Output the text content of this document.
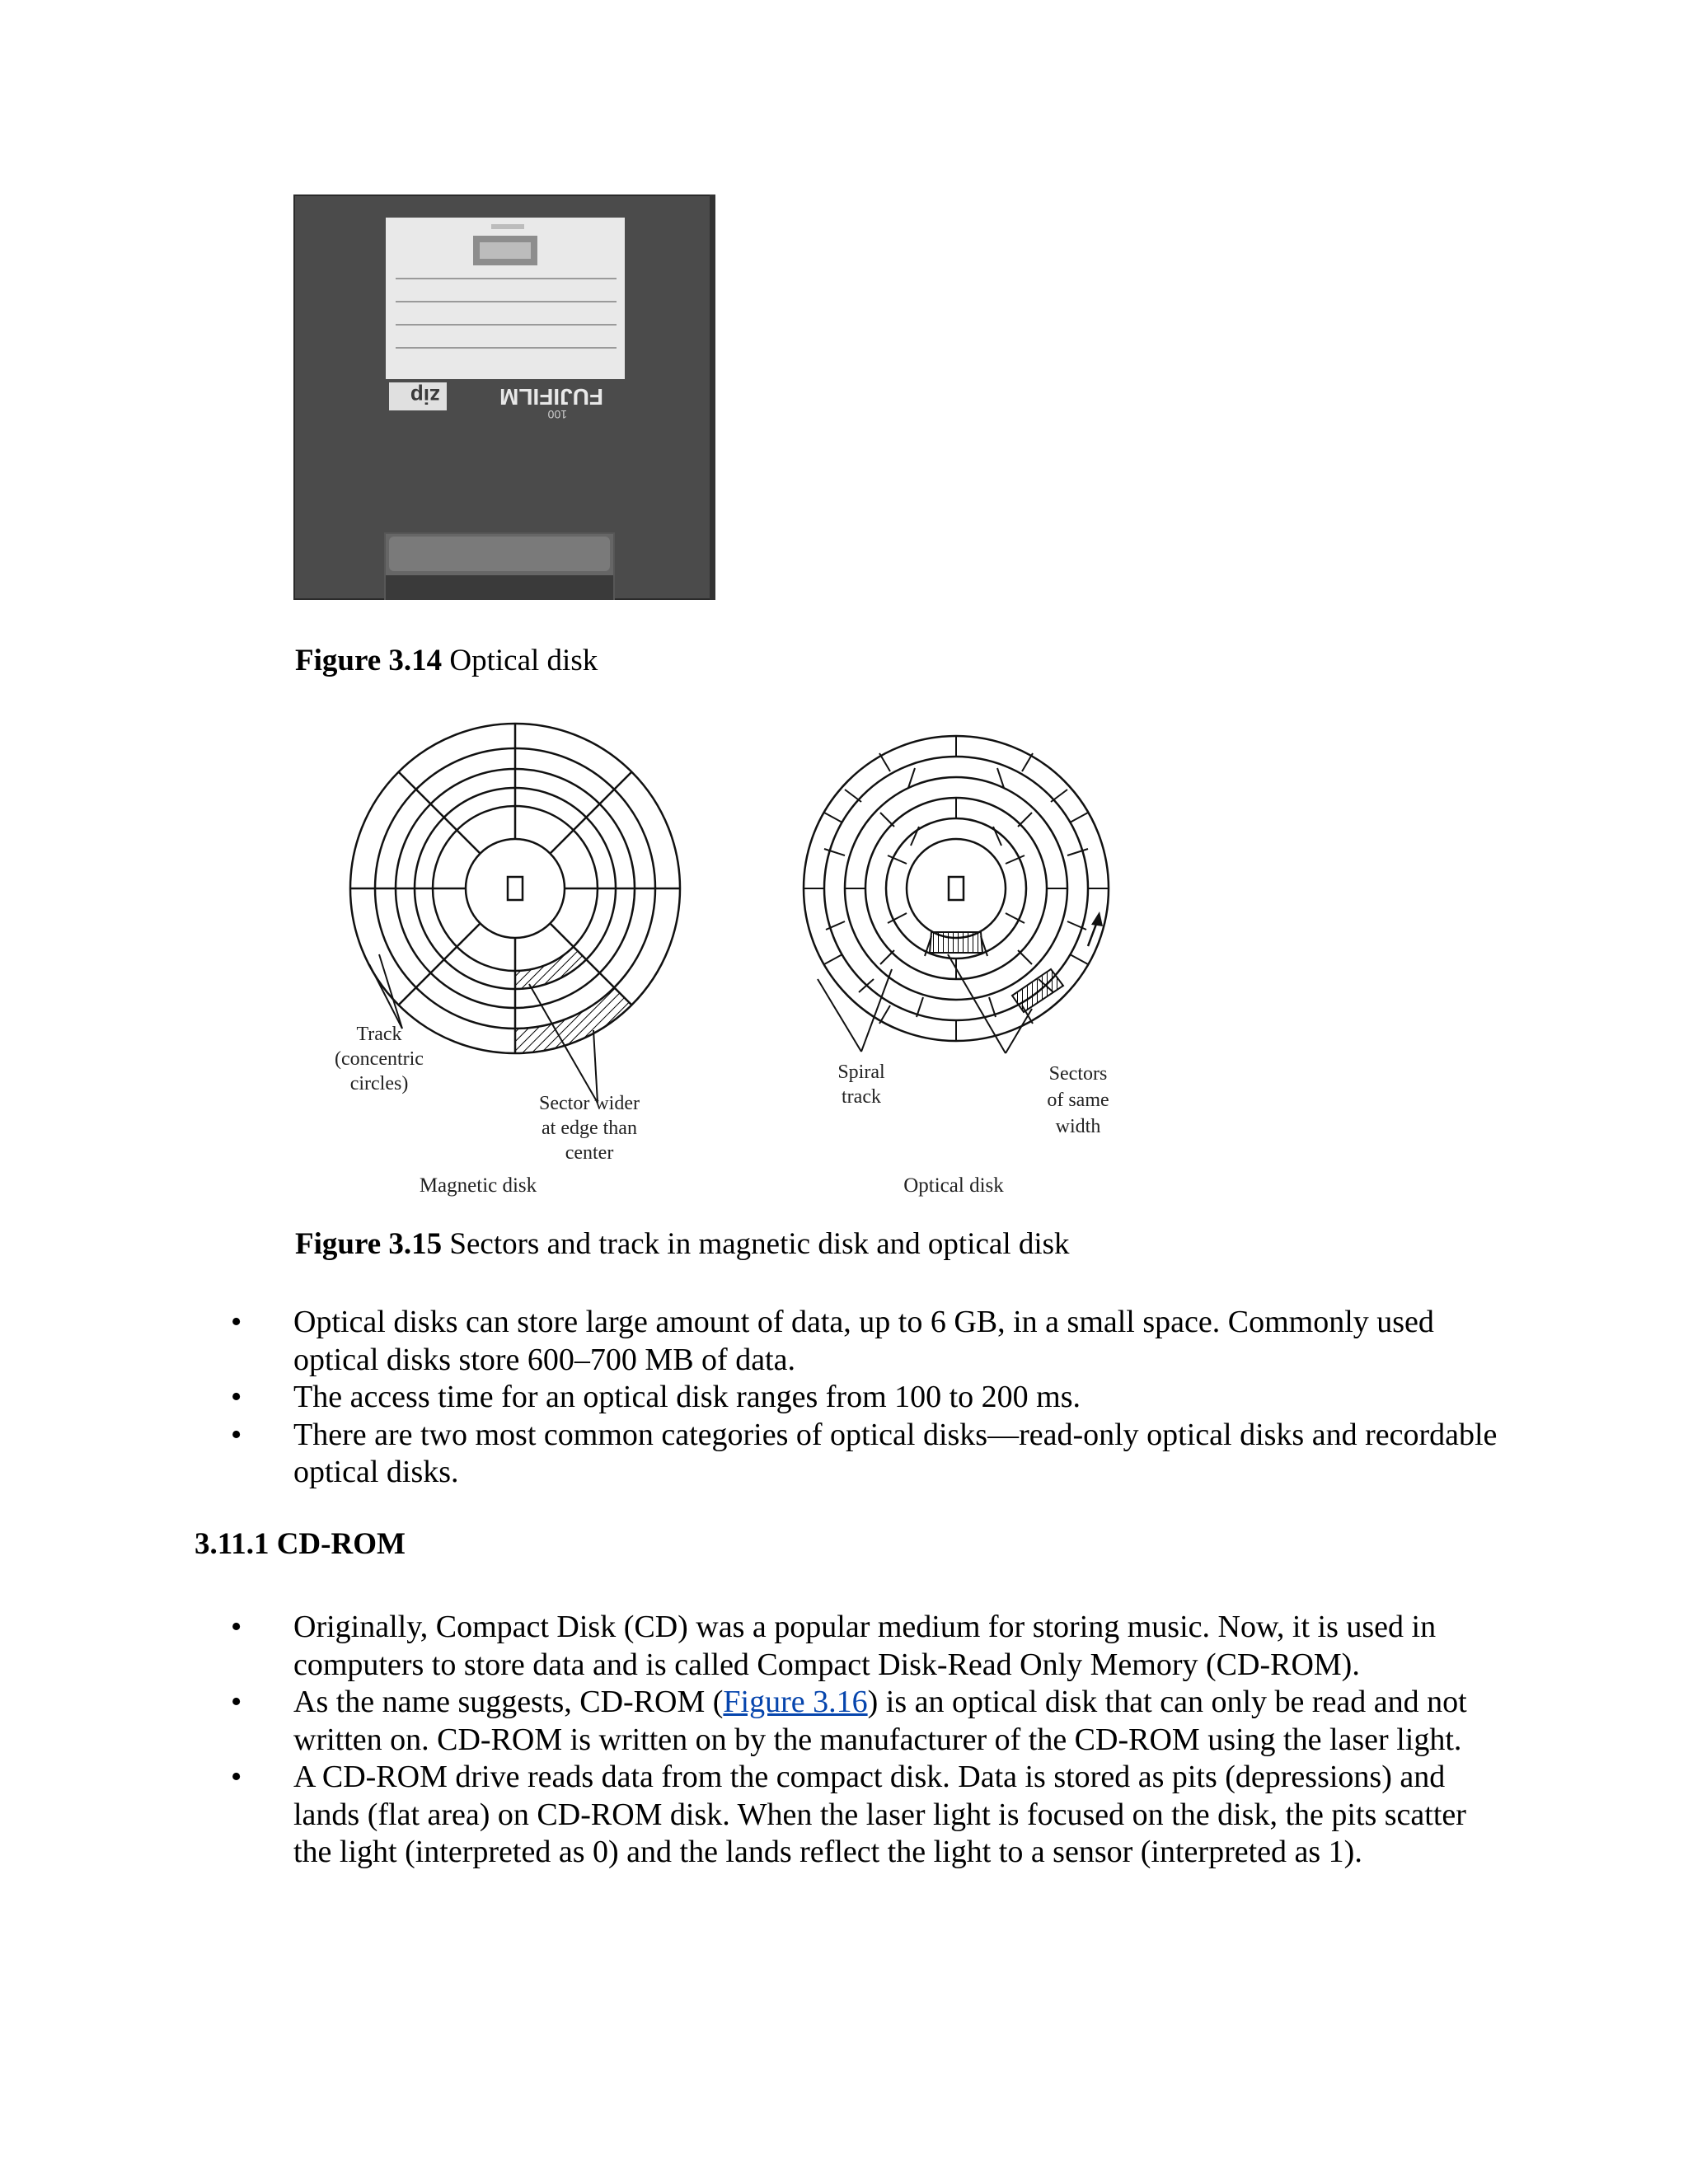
FUJIFILM
100
zip
Figure 3.14 Optical disk
Track
(concentric
circles)
Sector wider
at edge than
center
Magnetic disk
Spiral
track
Sectors
of same
width
Optical disk
Figure 3.15 Sectors and track in magnetic disk and optical disk
• Optical disks can store large amount of data, up to 6 GB, in a small space. Commonly used optical disks store 600–700 MB of data.
• The access time for an optical disk ranges from 100 to 200 ms.
• There are two most common categories of optical disks—read-only optical disks and recordable optical disks.
3.11.1 CD-ROM
• Originally, Compact Disk (CD) was a popular medium for storing music. Now, it is used in computers to store data and is called Compact Disk-Read Only Memory (CD-ROM).
• As the name suggests, CD-ROM (Figure 3.16) is an optical disk that can only be read and not written on. CD-ROM is written on by the manufacturer of the CD-ROM using the laser light.
• A CD-ROM drive reads data from the compact disk. Data is stored as pits (depressions) and lands (flat area) on CD-ROM disk. When the laser light is focused on the disk, the pits scatter the light (interpreted as 0) and the lands reflect the light to a sensor (interpreted as 1).
